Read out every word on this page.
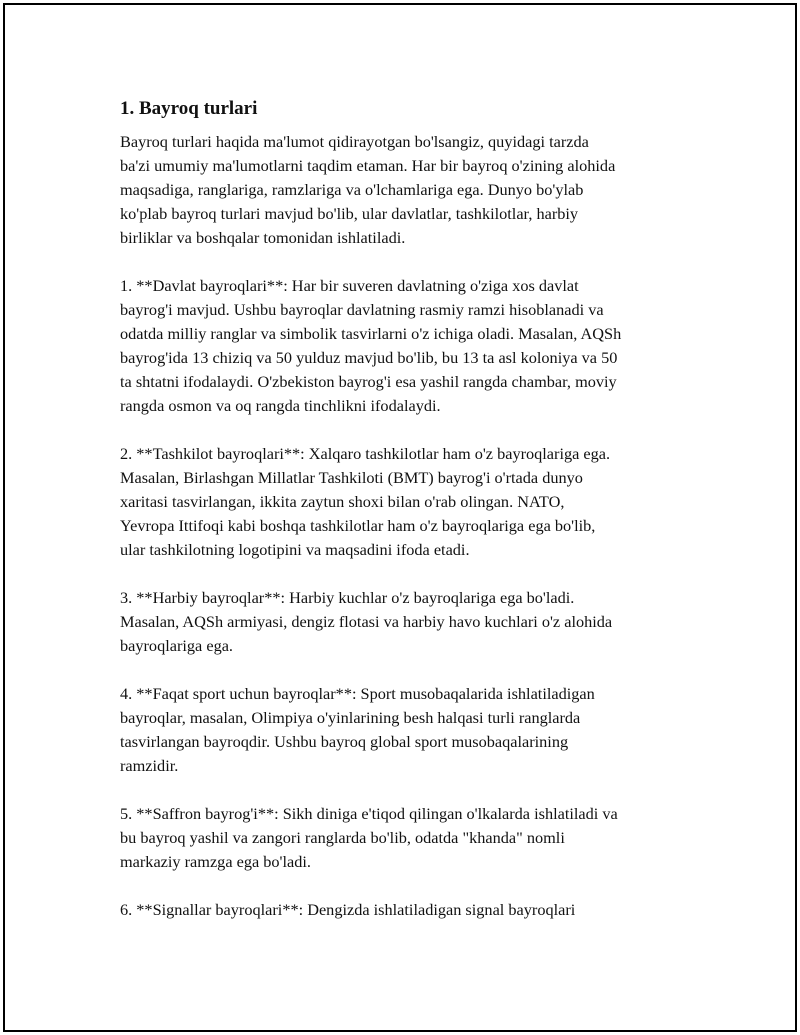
1. Bayroq turlari
Bayroq turlari haqida ma'lumot qidirayotgan bo'lsangiz, quyidagi tarzda
ba'zi umumiy ma'lumotlarni taqdim etaman. Har bir bayroq o'zining alohida
maqsadiga, ranglariga, ramzlariga va o'lchamlariga ega. Dunyo bo'ylab
ko'plab bayroq turlari mavjud bo'lib, ular davlatlar, tashkilotlar, harbiy
birliklar va boshqalar tomonidan ishlatiladi.
1. **Davlat bayroqlari**: Har bir suveren davlatning o'ziga xos davlat
bayrog'i mavjud. Ushbu bayroqlar davlatning rasmiy ramzi hisoblanadi va
odatda milliy ranglar va simbolik tasvirlarni o'z ichiga oladi. Masalan, AQSh
bayrog'ida 13 chiziq va 50 yulduz mavjud bo'lib, bu 13 ta asl koloniya va 50
ta shtatni ifodalaydi. O'zbekiston bayrog'i esa yashil rangda chambar, moviy
rangda osmon va oq rangda tinchlikni ifodalaydi.
2. **Tashkilot bayroqlari**: Xalqaro tashkilotlar ham o'z bayroqlariga ega.
Masalan, Birlashgan Millatlar Tashkiloti (BMT) bayrog'i o'rtada dunyo
xaritasi tasvirlangan, ikkita zaytun shoxi bilan o'rab olingan. NATO,
Yevropa Ittifoqi kabi boshqa tashkilotlar ham o'z bayroqlariga ega bo'lib,
ular tashkilotning logotipini va maqsadini ifoda etadi.
3. **Harbiy bayroqlar**: Harbiy kuchlar o'z bayroqlariga ega bo'ladi.
Masalan, AQSh armiyasi, dengiz flotasi va harbiy havo kuchlari o'z alohida
bayroqlariga ega.
4. **Faqat sport uchun bayroqlar**: Sport musobaqalarida ishlatiladigan
bayroqlar, masalan, Olimpiya o'yinlarining besh halqasi turli ranglarda
tasvirlangan bayroqdir. Ushbu bayroq global sport musobaqalarining
ramzidir.
5. **Saffron bayrog'i**: Sikh diniga e'tiqod qilingan o'lkalarda ishlatiladi va
bu bayroq yashil va zangori ranglarda bo'lib, odatda "khanda" nomli
markaziy ramzga ega bo'ladi.
6. **Signallar bayroqlari**: Dengizda ishlatiladigan signal bayroqlari
